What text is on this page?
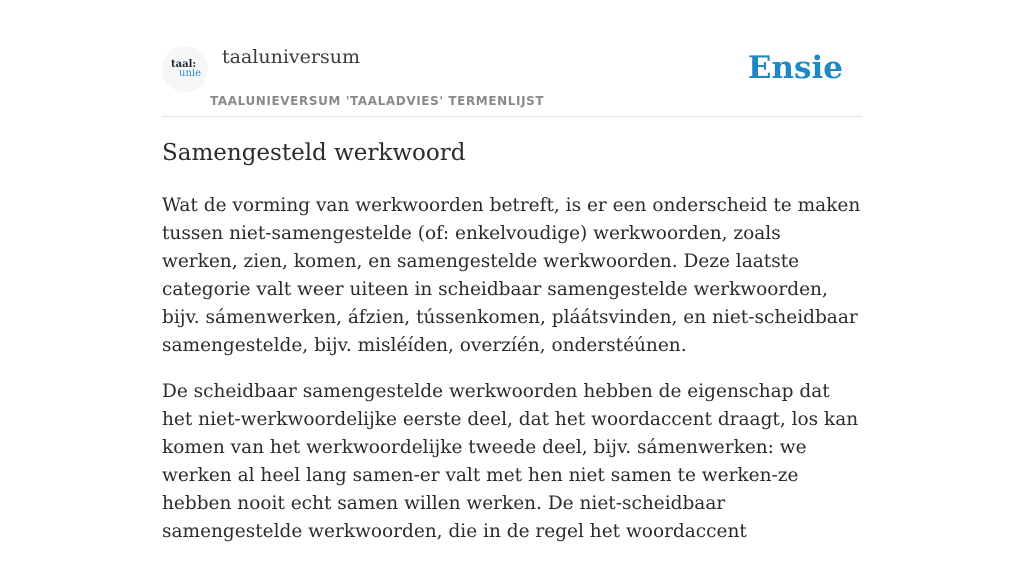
taal:
unie
taaluniversum
TAALUNIEVERSUM 'TAALADVIES' TERMENLIJST
Ensie
Samengesteld werkwoord

Wat de vorming van werkwoorden betreft, is er een onderscheid te maken tussen niet-samengestelde (of: enkelvoudige) werkwoorden, zoals werken, zien, komen, en samengestelde werkwoorden. Deze laatste categorie valt weer uiteen in scheidbaar samengestelde werkwoorden, bijv. sámenwerken, áfzien, tússenkomen, pláátsvinden, en niet-scheidbaar samengestelde, bijv. misléíden, overzíén, onderstéúnen.

De scheidbaar samengestelde werkwoorden hebben de eigenschap dat het niet-werkwoordelijke eerste deel, dat het woordaccent draagt, los kan komen van het werkwoordelijke tweede deel, bijv. sámenwerken: we werken al heel lang samen-er valt met hen niet samen te werken-ze hebben nooit echt samen willen werken. De niet-scheidbaar samengestelde werkwoorden, die in de regel het woordaccent
